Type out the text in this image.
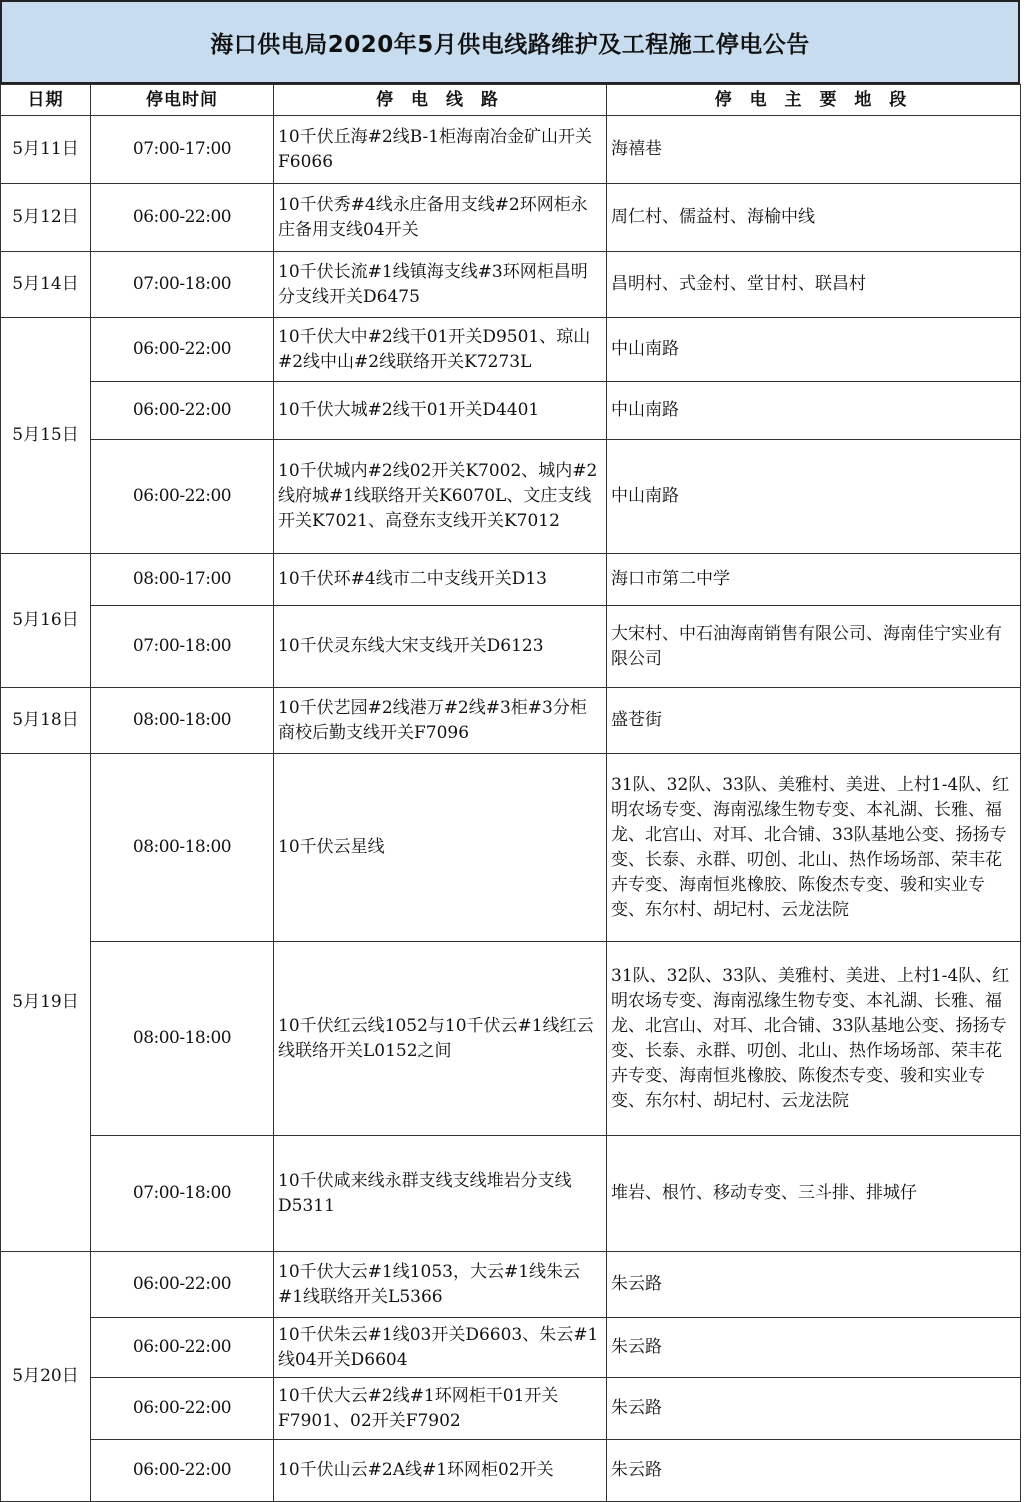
海口供电局2020年5月供电线路维护及工程施工停电公告
日期	停电时间	停 电 线 路	停 电 主 要 地 段
5月11日	07:00-17:00	10千伏丘海#2线B-1柜海南冶金矿山开关F6066	海禧巷
5月12日	06:00-22:00	10千伏秀#4线永庄备用支线#2环网柜永庄备用支线04开关	周仁村、儒益村、海榆中线
5月14日	07:00-18:00	10千伏长流#1线镇海支线#3环网柜昌明分支线开关D6475	昌明村、式金村、堂甘村、联昌村
5月15日	06:00-22:00	10千伏大中#2线干01开关D9501、琼山#2线中山#2线联络开关K7273L	中山南路
	06:00-22:00	10千伏大城#2线干01开关D4401	中山南路
	06:00-22:00	10千伏城内#2线02开关K7002、城内#2线府城#1线联络开关K6070L、文庄支线开关K7021、高登东支线开关K7012	中山南路
5月16日	08:00-17:00	10千伏环#4线市二中支线开关D13	海口市第二中学
	07:00-18:00	10千伏灵东线大宋支线开关D6123	大宋村、中石油海南销售有限公司、海南佳宁实业有限公司
5月18日	08:00-18:00	10千伏艺园#2线港万#2线#3柜#3分柜商校后勤支线开关F7096	盛苍街
5月19日	08:00-18:00	10千伏云星线	31队、32队、33队、美雅村、美进、上村1-4队、红明农场专变、海南泓缘生物专变、本礼湖、长雅、福龙、北宫山、对耳、北合铺、33队基地公变、扬扬专变、长泰、永群、叨创、北山、热作场场部、荣丰花卉专变、海南恒兆橡胶、陈俊杰专变、骏和实业专变、东尔村、胡圮村、云龙法院
	08:00-18:00	10千伏红云线1052与10千伏云#1线红云线联络开关L0152之间	31队、32队、33队、美雅村、美进、上村1-4队、红明农场专变、海南泓缘生物专变、本礼湖、长雅、福龙、北宫山、对耳、北合铺、33队基地公变、扬扬专变、长泰、永群、叨创、北山、热作场场部、荣丰花卉专变、海南恒兆橡胶、陈俊杰专变、骏和实业专变、东尔村、胡圮村、云龙法院
	07:00-18:00	10千伏咸来线永群支线支线堆岩分支线D5311	堆岩、根竹、移动专变、三斗排、排城仔
5月20日	06:00-22:00	10千伏大云#1线1053，大云#1线朱云#1线联络开关L5366	朱云路
	06:00-22:00	10千伏朱云#1线03开关D6603、朱云#1线04开关D6604	朱云路
	06:00-22:00	10千伏大云#2线#1环网柜干01开关F7901、02开关F7902	朱云路
	06:00-22:00	10千伏山云#2A线#1环网柜02开关	朱云路
